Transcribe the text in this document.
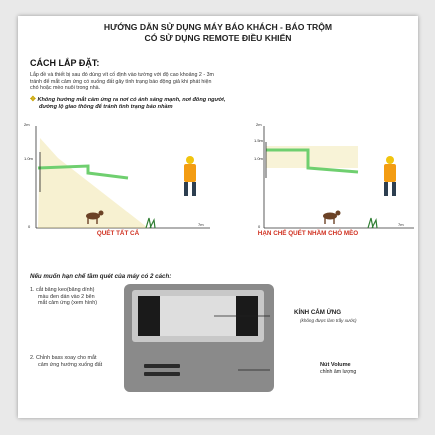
HƯỚNG DẪN SỬ DỤNG MÁY BÁO KHÁCH - BÁO TRỘM
CÓ SỬ DỤNG REMOTE ĐIỀU KHIỂN
CÁCH LẮP ĐẶT:
Lắp đề và thiết bị sau đó dùng vít cố định vào tường với độ cao khoảng 2 - 3m
tránh để mắt cảm ứng có xuống đất gây tình trạng báo động giả khi phát hiện
chó hoặc mèo nuôi trong nhà.
✥ Không hướng mắt cảm ứng ra nơi có ánh sáng mạnh, nơi đông người,
đường lộ giao thông để tránh tình trạng báo nhầm
2m
1.0m
0	7m
QUÉT TẤT CẢ
2m
1.5m
1.0m
0	7m
HẠN CHẾ QUÉT NHẦM CHÓ MÈO
Nếu muốn hạn chế tầm quét của máy có 2 cách:
1. cắt băng keo(băng dính)
màu đen dán vào 2 bên
mắt cảm ứng (xem hình)
KÍNH CẢM ỨNG
(không được làm trầy xước)
2. Chỉnh bass xoay cho mắt
cảm ứng hướng xuống đất	Nút Volume
chỉnh âm lượng
